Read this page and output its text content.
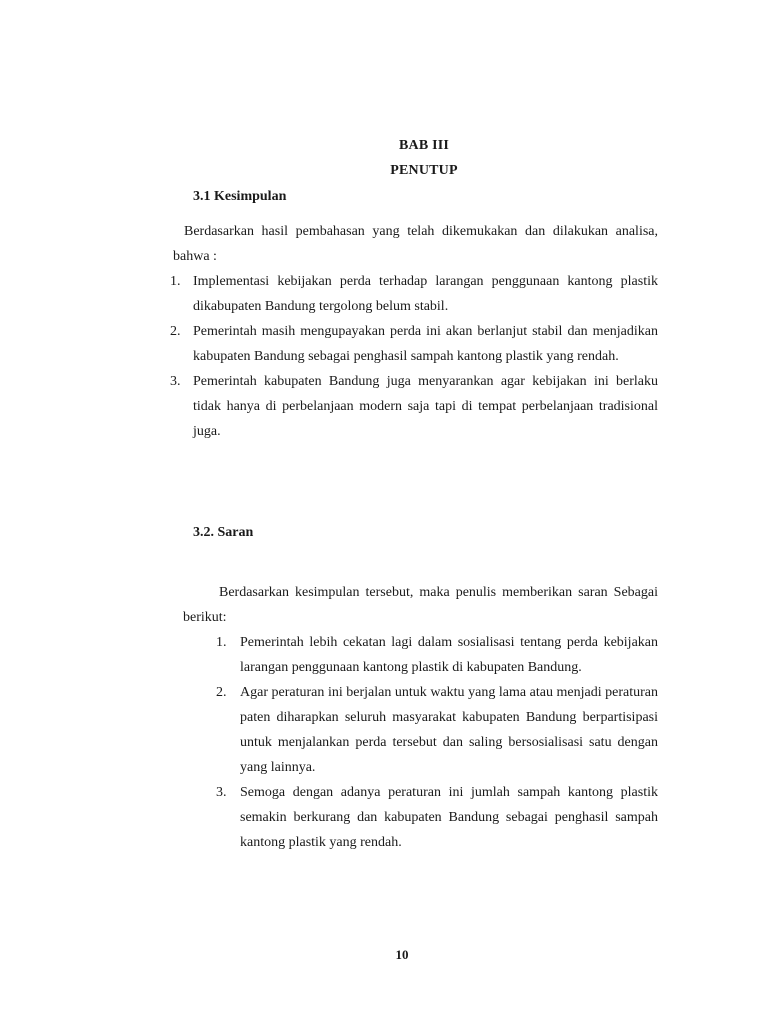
BAB III
PENUTUP
3.1 Kesimpulan

Berdasarkan hasil pembahasan yang telah dikemukakan dan dilakukan analisa, bahwa :

1. Implementasi kebijakan perda terhadap larangan penggunaan kantong plastik dikabupaten Bandung tergolong belum stabil.
2. Pemerintah masih mengupayakan perda ini akan berlanjut stabil dan menjadikan kabupaten Bandung sebagai penghasil sampah kantong plastik yang rendah.
3. Pemerintah kabupaten Bandung juga menyarankan agar kebijakan ini berlaku tidak hanya di perbelanjaan modern saja tapi di tempat perbelanjaan tradisional juga.
3.2. Saran

Berdasarkan kesimpulan tersebut, maka penulis memberikan saran Sebagai berikut:

1. Pemerintah lebih cekatan lagi dalam sosialisasi tentang perda kebijakan larangan penggunaan kantong plastik di kabupaten Bandung.
2. Agar peraturan ini berjalan untuk waktu yang lama atau menjadi peraturan paten diharapkan seluruh masyarakat kabupaten Bandung berpartisipasi untuk menjalankan perda tersebut dan saling bersosialisasi satu dengan yang lainnya.
3. Semoga dengan adanya peraturan ini jumlah sampah kantong plastik semakin berkurang dan kabupaten Bandung sebagai penghasil sampah kantong plastik yang rendah.
10
